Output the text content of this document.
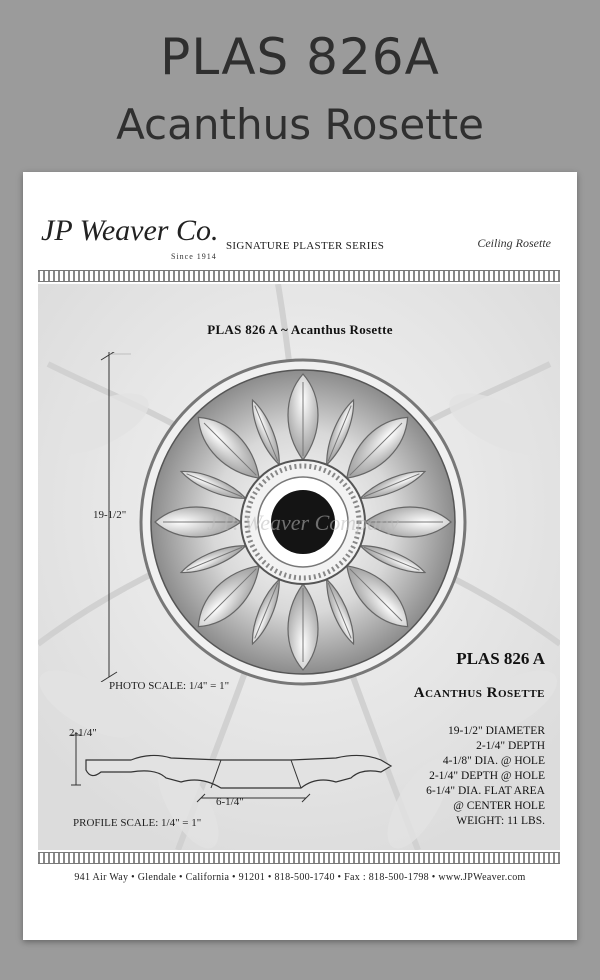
PLAS 826A
Acanthus Rosette
JP Weaver Co.
Since 1914
SIGNATURE PLASTER SERIES	Ceiling Rosette
PLAS 826 A ~ Acanthus Rosette
19-1/2"	J.P. Weaver Company
PHOTO SCALE: 1/4" = 1"
PLAS 826 A
Acanthus Rosette
19-1/2" DIAMETER
2-1/4" DEPTH
4-1/8" DIA. @ HOLE
2-1/4" DEPTH @ HOLE
6-1/4" DIA. FLAT AREA
@ CENTER HOLE
WEIGHT: 11 LBS.
2-1/4"
6-1/4"
PROFILE SCALE: 1/4" = 1"
941 Air Way • Glendale • California • 91201 • 818-500-1740 • Fax : 818-500-1798 • www.JPWeaver.com
